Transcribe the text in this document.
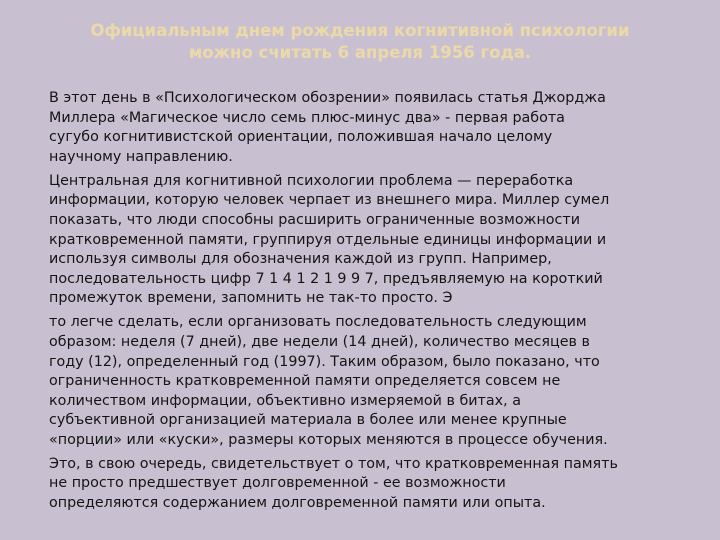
Официальным днем рождения когнитивной психологии
можно считать 6 апреля 1956 года.

В этот день в «Психологическом обозрении» появилась статья Джорджа
Миллера «Магическое число семь плюс-минус два» - первая работа
сугубо когнитивистской ориентации, положившая начало целому
научному направлению.

Центральная для когнитивной психологии проблема — переработка
информации, которую человек черпает из внешнего мира. Миллер сумел
показать, что люди способны расширить ограниченные возможности
кратковременной памяти, группируя отдельные единицы информации и
используя символы для обозначения каждой из групп. Например,
последовательность цифр 7 1 4 1 2 1 9 9 7, предъявляемую на короткий
промежуток времени, запомнить не так-то просто. Э

то легче сделать, если организовать последовательность следующим
образом: неделя (7 дней), две недели (14 дней), количество месяцев в
году (12), определенный год (1997). Таким образом, было показано, что
ограниченность кратковременной памяти определяется совсем не
количеством информации, объективно измеряемой в битах, а
субъективной организацией материала в более или менее крупные
«порции» или «куски», размеры которых меняются в процессе обучения.

Это, в свою очередь, свидетельствует о том, что кратковременная память
не просто предшествует долговременной - ее возможности
определяются содержанием долговременной памяти или опыта.
